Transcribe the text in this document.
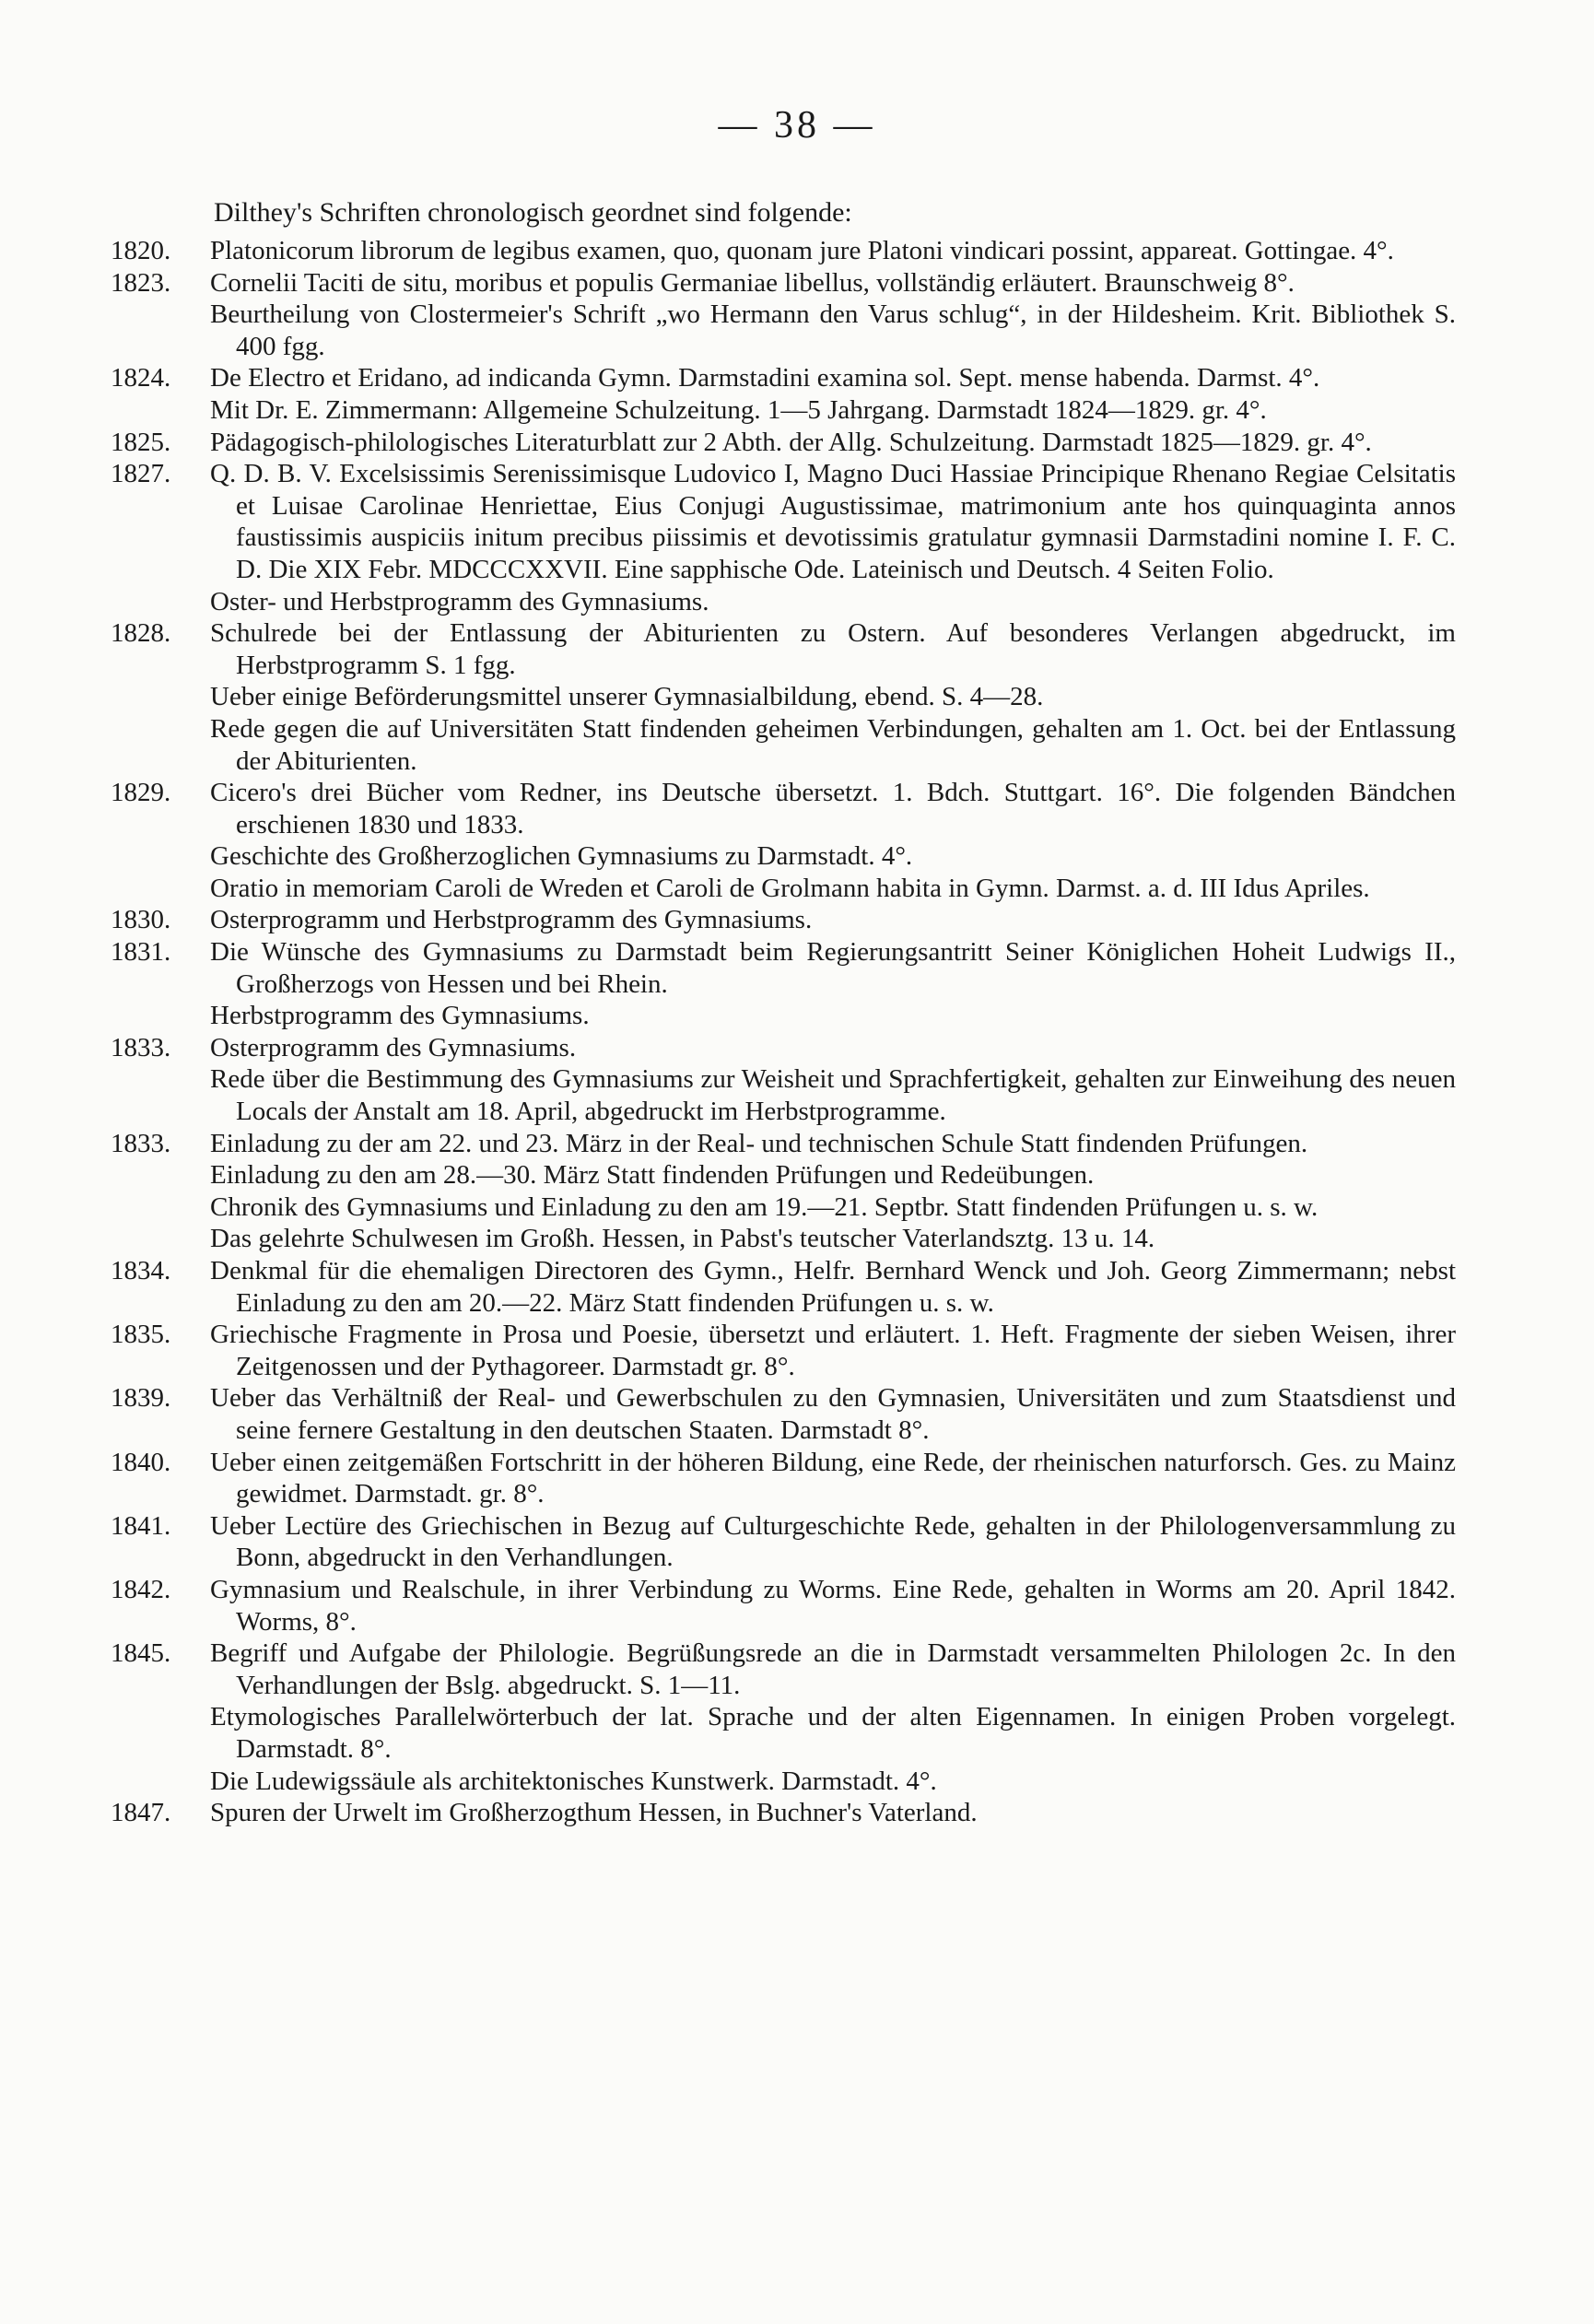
— 38 —
Dilthey's Schriften chronologisch geordnet sind folgende:
1820.	Platonicorum librorum de legibus examen, quo, quonam jure Platoni vindicari possint, appareat. Gottingae. 4°.

1823.	Cornelii Taciti de situ, moribus et populis Germaniae libellus, vollständig erläutert. Braunschweig 8°.

Beurtheilung von Clostermeier's Schrift „wo Hermann den Varus schlug“, in der Hildesheim. Krit. Bibliothek S. 400 fgg.

1824.	De Electro et Eridano, ad indicanda Gymn. Darmstadini examina sol. Sept. mense habenda. Darmst. 4°.

Mit Dr. E. Zimmermann: Allgemeine Schulzeitung. 1—5 Jahrgang. Darmstadt 1824—1829. gr. 4°.

1825.	Pädagogisch-philologisches Literaturblatt zur 2 Abth. der Allg. Schulzeitung. Darmstadt 1825—1829. gr. 4°.

1827.	Q. D. B. V. Excelsissimis Serenissimisque Ludovico I, Magno Duci Hassiae Principique Rhenano Regiae Celsitatis et Luisae Carolinae Henriettae, Eius Conjugi Augustissimae, matrimonium ante hos quinquaginta annos faustissimis auspiciis initum precibus piissimis et devotissimis gratulatur gymnasii Darmstadini nomine I. F. C. D. Die XIX Febr. MDCCCXXVII. Eine sapphische Ode. Lateinisch und Deutsch. 4 Seiten Folio.

Oster- und Herbstprogramm des Gymnasiums.

1828.	Schulrede bei der Entlassung der Abiturienten zu Ostern. Auf besonderes Verlangen abgedruckt, im Herbstprogramm S. 1 fgg.

Ueber einige Beförderungsmittel unserer Gymnasialbildung, ebend. S. 4—28.

Rede gegen die auf Universitäten Statt findenden geheimen Verbindungen, gehalten am 1. Oct. bei der Entlassung der Abiturienten.

1829.	Cicero's drei Bücher vom Redner, ins Deutsche übersetzt. 1. Bdch. Stuttgart. 16°. Die folgenden Bändchen erschienen 1830 und 1833.

Geschichte des Großherzoglichen Gymnasiums zu Darmstadt. 4°.

Oratio in memoriam Caroli de Wreden et Caroli de Grolmann habita in Gymn. Darmst. a. d. III Idus Apriles.

1830.	Osterprogramm und Herbstprogramm des Gymnasiums.

1831.	Die Wünsche des Gymnasiums zu Darmstadt beim Regierungsantritt Seiner Königlichen Hoheit Ludwigs II., Großherzogs von Hessen und bei Rhein.

Herbstprogramm des Gymnasiums.

1833.	Osterprogramm des Gymnasiums.

Rede über die Bestimmung des Gymnasiums zur Weisheit und Sprachfertigkeit, gehalten zur Einweihung des neuen Locals der Anstalt am 18. April, abgedruckt im Herbstprogramme.

1833.	Einladung zu der am 22. und 23. März in der Real- und technischen Schule Statt findenden Prüfungen.

Einladung zu den am 28.—30. März Statt findenden Prüfungen und Redeübungen.

Chronik des Gymnasiums und Einladung zu den am 19.—21. Septbr. Statt findenden Prüfungen u. s. w.

Das gelehrte Schulwesen im Großh. Hessen, in Pabst's teutscher Vaterlandsztg. 13 u. 14.

1834.	Denkmal für die ehemaligen Directoren des Gymn., Helfr. Bernhard Wenck und Joh. Georg Zimmermann; nebst Einladung zu den am 20.—22. März Statt findenden Prüfungen u. s. w.

1835.	Griechische Fragmente in Prosa und Poesie, übersetzt und erläutert. 1. Heft. Fragmente der sieben Weisen, ihrer Zeitgenossen und der Pythagoreer. Darmstadt gr. 8°.

1839.	Ueber das Verhältniß der Real- und Gewerbschulen zu den Gymnasien, Universitäten und zum Staatsdienst und seine fernere Gestaltung in den deutschen Staaten. Darmstadt 8°.

1840.	Ueber einen zeitgemäßen Fortschritt in der höheren Bildung, eine Rede, der rheinischen naturforsch. Ges. zu Mainz gewidmet. Darmstadt. gr. 8°.

1841.	Ueber Lectüre des Griechischen in Bezug auf Culturgeschichte Rede, gehalten in der Philologenversammlung zu Bonn, abgedruckt in den Verhandlungen.

1842.	Gymnasium und Realschule, in ihrer Verbindung zu Worms. Eine Rede, gehalten in Worms am 20. April 1842. Worms, 8°.

1845.	Begriff und Aufgabe der Philologie. Begrüßungsrede an die in Darmstadt versammelten Philologen 2c. In den Verhandlungen der Bslg. abgedruckt. S. 1—11.

Etymologisches Parallelwörterbuch der lat. Sprache und der alten Eigennamen. In einigen Proben vorgelegt. Darmstadt. 8°.

Die Ludewigssäule als architektonisches Kunstwerk. Darmstadt. 4°.

1847.	Spuren der Urwelt im Großherzogthum Hessen, in Buchner's Vaterland.
